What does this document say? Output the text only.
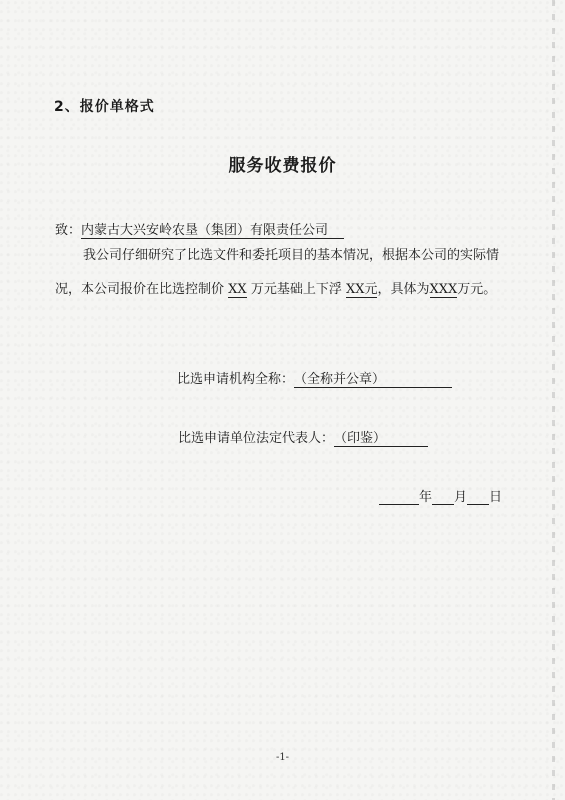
2、报价单格式
服务收费报价
致：内蒙古大兴安岭农垦（集团）有限责任公司
我公司仔细研究了比选文件和委托项目的基本情况，根据本公司的实际情况，本公司报价在比选控制价 XX 万元基础上下浮 XX元，具体为XXX万元。
比选申请机构全称：（全称并公章）
比选申请单位法定代表人：（印鉴）
年 月 日
-1-
